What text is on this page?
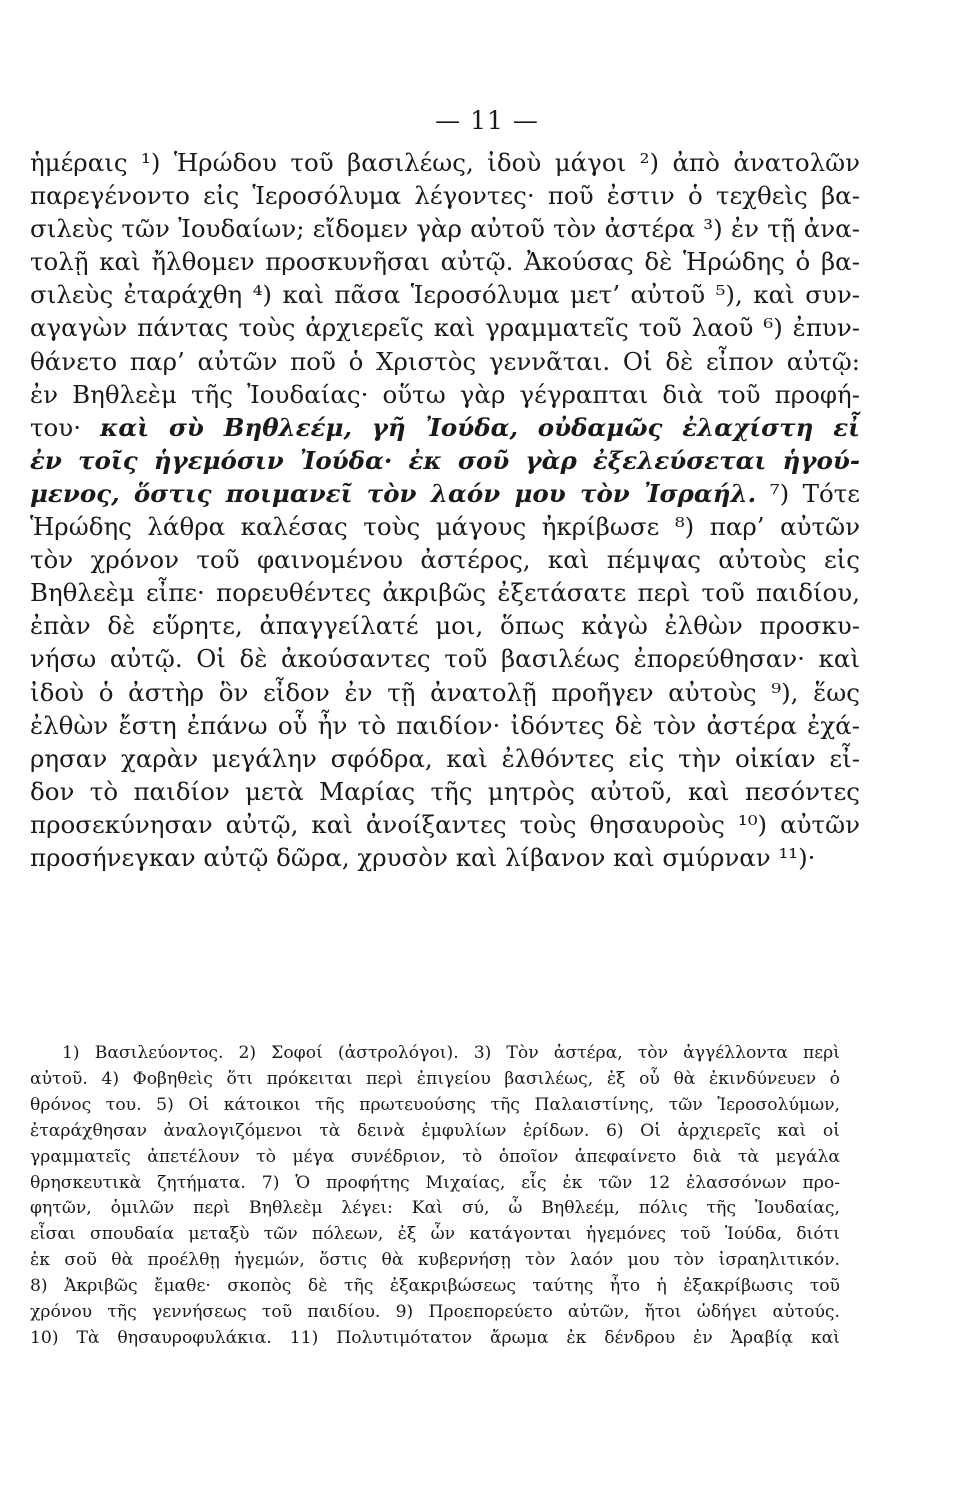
— 11 —
ἡμέραις ¹) Ἡρώδου τοῦ βασιλέως, ἰδοὺ μάγοι ²) ἀπὸ ἀνατολῶν
παρεγένοντο εἰς Ἱεροσόλυμα λέγοντες· ποῦ ἐστιν ὁ τεχθεὶς βα-
σιλεὺς τῶν Ἰουδαίων; εἴδομεν γὰρ αὐτοῦ τὸν ἀστέρα ³) ἐν τῇ ἀνα-
τολῇ καὶ ἤλθομεν προσκυνῆσαι αὐτῷ. Ἀκούσας δὲ Ἡρώδης ὁ βα-
σιλεὺς ἐταράχθη ⁴) καὶ πᾶσα Ἱεροσόλυμα μετ’ αὐτοῦ ⁵), καὶ συν-
αγαγὼν πάντας τοὺς ἀρχιερεῖς καὶ γραμματεῖς τοῦ λαοῦ ⁶) ἐπυν-
θάνετο παρ’ αὐτῶν ποῦ ὁ Χριστὸς γεννᾶται. Οἱ δὲ εἶπον αὐτῷ:
ἐν Βηθλεὲμ τῆς Ἰουδαίας· οὕτω γὰρ γέγραπται διὰ τοῦ προφή-
του· καὶ σὺ Βηθλεέμ, γῆ Ἰούδα, οὐδαμῶς ἐλαχίστη εἶ
ἐν τοῖς ἡγεμόσιν Ἰούδα· ἐκ σοῦ γὰρ ἐξελεύσεται ἡγού-
μενος, ὅστις ποιμανεῖ τὸν λαόν μου τὸν Ἰσραήλ. ⁷) Τότε
Ἡρώδης λάθρα καλέσας τοὺς μάγους ἠκρίβωσε ⁸) παρ’ αὐτῶν
τὸν χρόνον τοῦ φαινομένου ἀστέρος, καὶ πέμψας αὐτοὺς εἰς
Βηθλεὲμ εἶπε· πορευθέντες ἀκριβῶς ἐξετάσατε περὶ τοῦ παιδίου,
ἐπὰν δὲ εὕρητε, ἀπαγγείλατέ μοι, ὅπως κἀγὼ ἐλθὼν προσκυ-
νήσω αὐτῷ. Οἱ δὲ ἀκούσαντες τοῦ βασιλέως ἐπορεύθησαν· καὶ
ἰδοὺ ὁ ἀστὴρ ὃν εἶδον ἐν τῇ ἀνατολῇ προῆγεν αὐτοὺς ⁹), ἕως
ἐλθὼν ἔστη ἐπάνω οὗ ἦν τὸ παιδίον· ἰδόντες δὲ τὸν ἀστέρα ἐχά-
ρησαν χαρὰν μεγάλην σφόδρα, καὶ ἐλθόντες εἰς τὴν οἰκίαν εἶ-
δον τὸ παιδίον μετὰ Μαρίας τῆς μητρὸς αὐτοῦ, καὶ πεσόντες
προσεκύνησαν αὐτῷ, καὶ ἀνοίξαντες τοὺς θησαυροὺς ¹⁰) αὐτῶν
προσήνεγκαν αὐτῷ δῶρα, χρυσὸν καὶ λίβανον καὶ σμύρναν ¹¹)·
1) Βασιλεύοντος. 2) Σοφοί (ἀστρολόγοι). 3) Τὸν ἀστέρα, τὸν ἀγγέλλοντα περὶ
αὐτοῦ. 4) Φοβηθεὶς ὅτι πρόκειται περὶ ἐπιγείου βασιλέως, ἐξ οὗ θὰ ἐκινδύνευεν ὁ
θρόνος του. 5) Οἱ κάτοικοι τῆς πρωτευούσης τῆς Παλαιστίνης, τῶν Ἱεροσολύμων,
ἐταράχθησαν ἀναλογιζόμενοι τὰ δεινὰ ἐμφυλίων ἐρίδων. 6) Οἱ ἀρχιερεῖς καὶ οἱ
γραμματεῖς ἀπετέλουν τὸ μέγα συνέδριον, τὸ ὁποῖον ἀπεφαίνετο διὰ τὰ μεγάλα
θρησκευτικὰ ζητήματα. 7) Ὁ προφήτης Μιχαίας, εἷς ἐκ τῶν 12 ἐλασσόνων προ-
φητῶν, ὁμιλῶν περὶ Βηθλεὲμ λέγει: Καὶ σύ, ὦ Βηθλεέμ, πόλις τῆς Ἰουδαίας,
εἶσαι σπουδαία μεταξὺ τῶν πόλεων, ἐξ ὧν κατάγονται ἡγεμόνες τοῦ Ἰούδα, διότι
ἐκ σοῦ θὰ προέλθῃ ἡγεμών, ὅστις θὰ κυβερνήσῃ τὸν λαόν μου τὸν ἰσραηλιτικόν.
8) Ἀκριβῶς ἔμαθε· σκοπὸς δὲ τῆς ἐξακριβώσεως ταύτης ἦτο ἡ ἐξακρίβωσις τοῦ
χρόνου τῆς γεννήσεως τοῦ παιδίου. 9) Προεπορεύετο αὐτῶν, ἤτοι ὡδήγει αὐτούς.
10) Τὰ θησαυροφυλάκια. 11) Πολυτιμότατον ἄρωμα ἐκ δένδρου ἐν Ἀραβίᾳ καὶ
